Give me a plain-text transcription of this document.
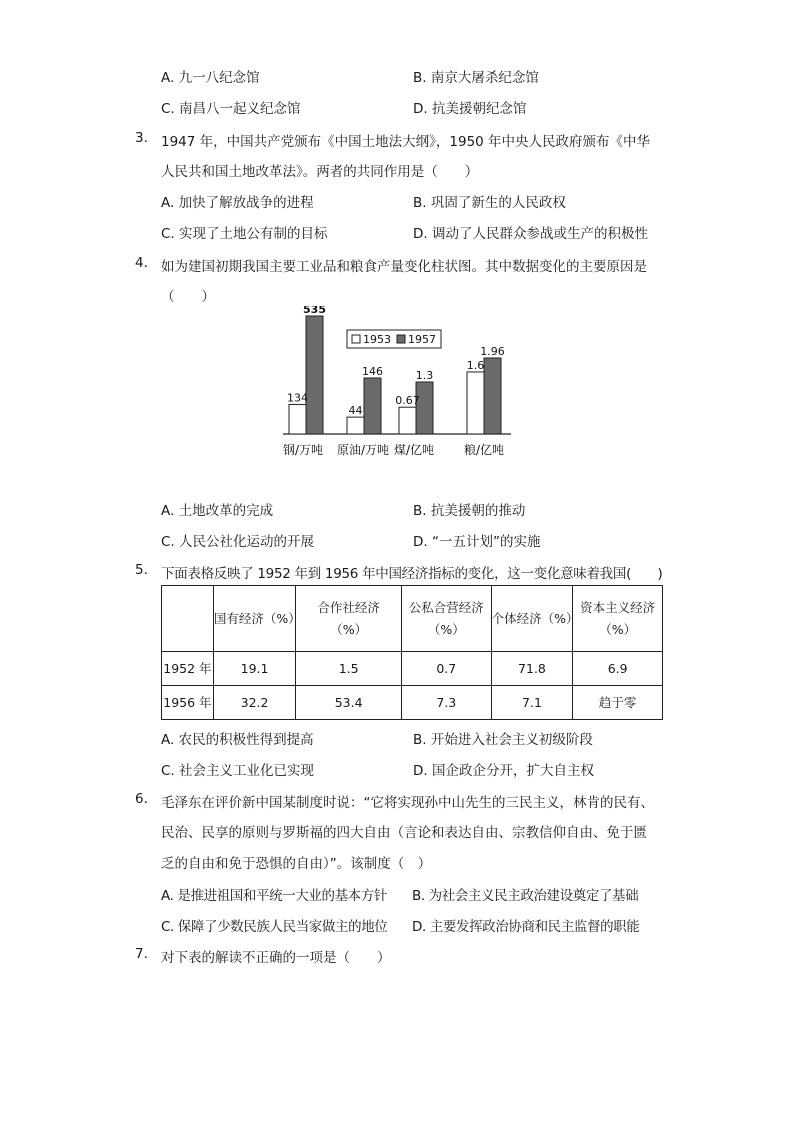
A. 九一八纪念馆	B. 南京大屠杀纪念馆
C. 南昌八一起义纪念馆	D. 抗美援朝纪念馆
3. 1947 年，中国共产党颁布《中国土地法大纲》，1950 年中央人民政府颁布《中华
人民共和国土地改革法》。两者的共同作用是（　　）
A. 加快了解放战争的进程	B. 巩固了新生的人民政权
C. 实现了土地公有制的目标	D. 调动了人民群众参战或生产的积极性
4. 如为建国初期我国主要工业品和粮食产量变化柱状图。其中数据变化的主要原因是
（　　）
134
535
钢/万吨
44
146
原油/万吨
0.67
1.3
煤/亿吨
1.6
1.96
粮/亿吨
1953 1957
A. 土地改革的完成	B. 抗美援朝的推动
C. 人民公社化运动的开展	D. “一五计划”的实施
5. 下面表格反映了 1952 年到 1956 年中国经济指标的变化，这一变化意味着我国(　　)
	国有经济（%）	合作社经济（%）	公私合营经济（%）	个体经济（%）	资本主义经济（%）
1952 年	19.1	1.5	0.7	71.8	6.9
1956 年	32.2	53.4	7.3	7.1	趋于零
A. 农民的积极性得到提高	B. 开始进入社会主义初级阶段
C. 社会主义工业化已实现	D. 国企政企分开，扩大自主权
6. 毛泽东在评价新中国某制度时说：“它将实现孙中山先生的三民主义，林肯的民有、
民治、民享的原则与罗斯福的四大自由（言论和表达自由、宗教信仰自由、免于匮
乏的自由和免于恐惧的自由）”。该制度（　）
A. 是推进祖国和平统一大业的基本方针 B. 为社会主义民主政治建设奠定了基础
C. 保障了少数民族人民当家做主的地位 D. 主要发挥政治协商和民主监督的职能
7. 对下表的解读不正确的一项是（　　）
